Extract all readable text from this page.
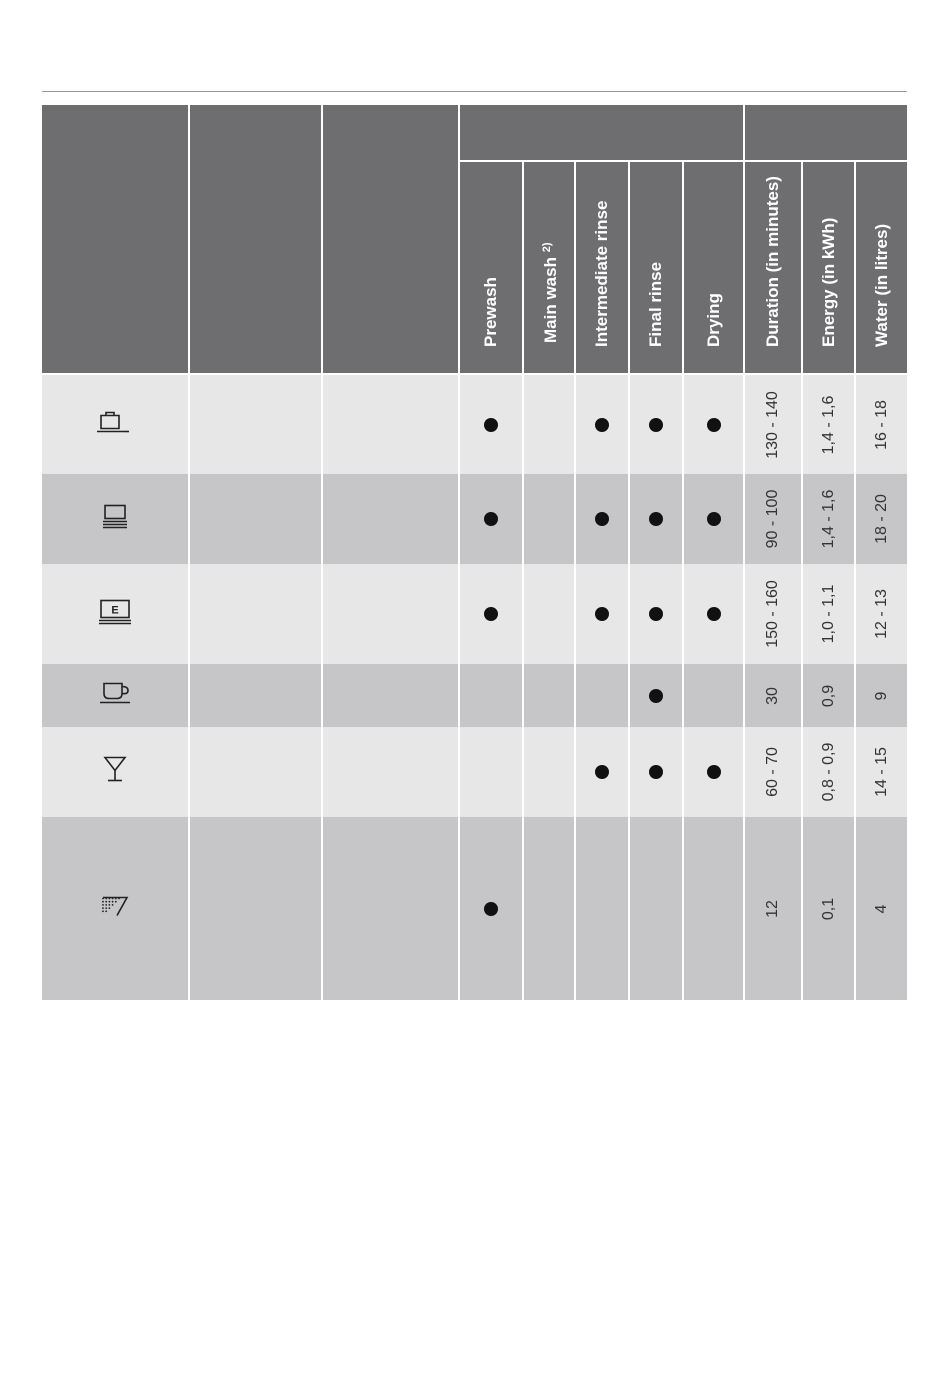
Prewash Main wash $^{2)}$	Intermediate rinse Final rinse Drying Duration (in minutes) Energy (in kWh) Water (in litres)
130 - 140 1,4 - 1,6 16 - 18
90 - 100 1,4 - 1,6 18 - 20
E	150 - 160 1,0 - 1,1 12 - 13
30 0,9 9
60 - 70 0,8 - 0,9 14 - 15
12 0,1 4
